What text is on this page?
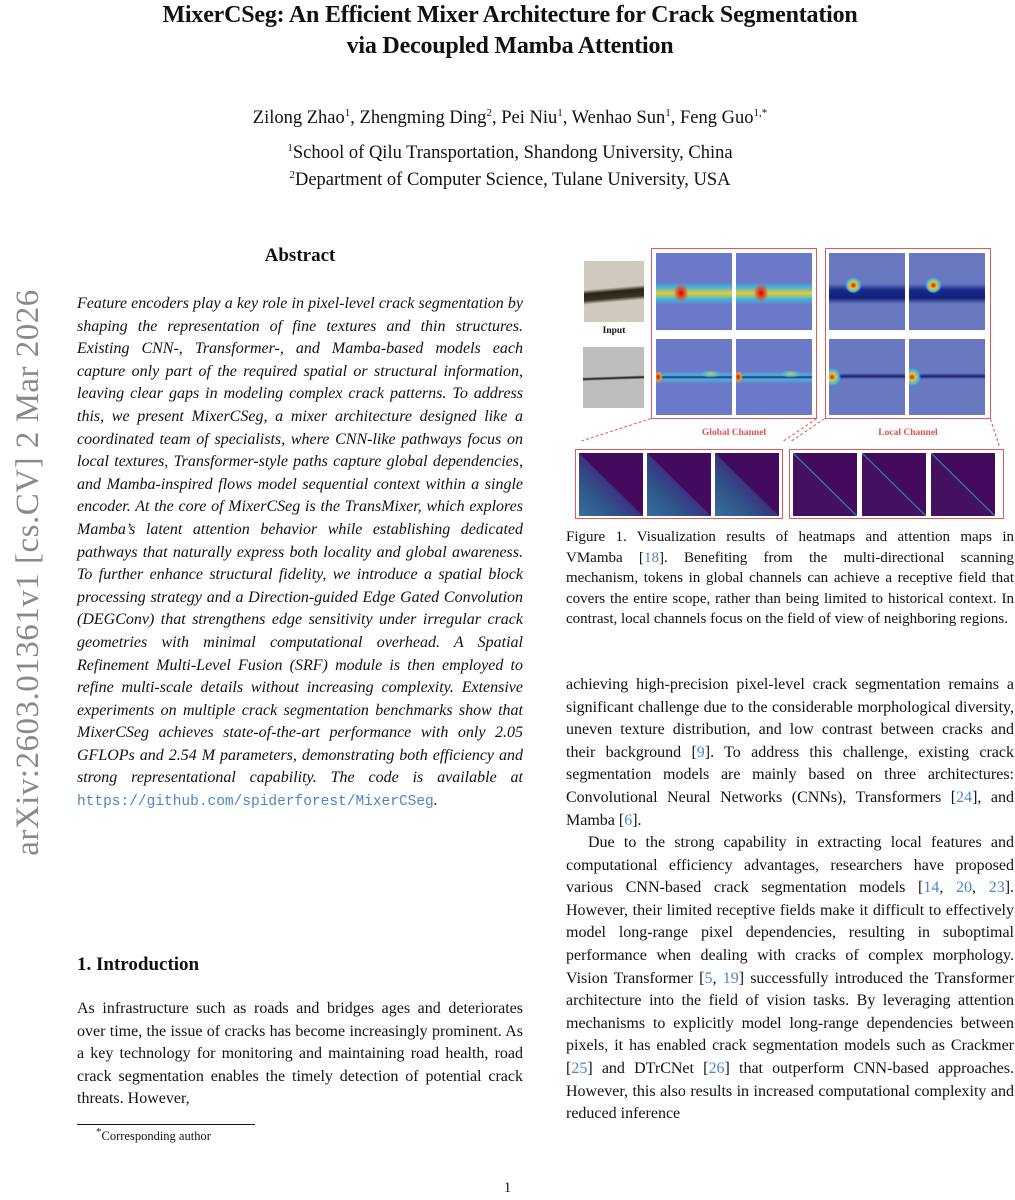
arXiv:2603.01361v1 [cs.CV] 2 Mar 2026
MixerCSeg: An Efficient Mixer Architecture for Crack Segmentation
via Decoupled Mamba Attention
Zilong Zhao$^1$, Zhengming Ding$^2$, Pei Niu$^1$, Wenhao Sun$^1$, Feng Guo$^{1,*}$
$^1$School of Qilu Transportation, Shandong University, China
$^2$Department of Computer Science, Tulane University, USA
Abstract
Feature encoders play a key role in pixel-level crack segmentation by shaping the representation of fine textures and thin structures. Existing CNN-, Transformer-, and Mamba-based models each capture only part of the required spatial or structural information, leaving clear gaps in modeling complex crack patterns. To address this, we present MixerCSeg, a mixer architecture designed like a coordinated team of specialists, where CNN-like pathways focus on local textures, Transformer-style paths capture global dependencies, and Mamba-inspired flows model sequential context within a single encoder. At the core of MixerCSeg is the TransMixer, which explores Mamba’s latent attention behavior while establishing dedicated pathways that naturally express both locality and global awareness. To further enhance structural fidelity, we introduce a spatial block processing strategy and a Direction-guided Edge Gated Convolution (DEGConv) that strengthens edge sensitivity under irregular crack geometries with minimal computational overhead. A Spatial Refinement Multi-Level Fusion (SRF) module is then employed to refine multi-scale details without increasing complexity. Extensive experiments on multiple crack segmentation benchmarks show that MixerCSeg achieves state-of-the-art performance with only 2.05 GFLOPs and 2.54 M parameters, demonstrating both efficiency and strong representational capability. The code is available at https://github.com/spiderforest/MixerCSeg.
1. Introduction
As infrastructure such as roads and bridges ages and deteriorates over time, the issue of cracks has become increasingly prominent. As a key technology for monitoring and maintaining road health, road crack segmentation enables the timely detection of potential crack threats. However,
*Corresponding author
Input
Global Channel	Local Channel
Figure 1. Visualization results of heatmaps and attention maps in VMamba [18]. Benefiting from the multi-directional scanning mechanism, tokens in global channels can achieve a receptive field that covers the entire scope, rather than being limited to historical context. In contrast, local channels focus on the field of view of neighboring regions.
achieving high-precision pixel-level crack segmentation remains a significant challenge due to the considerable morphological diversity, uneven texture distribution, and low contrast between cracks and their background [9]. To address this challenge, existing crack segmentation models are mainly based on three architectures: Convolutional Neural Networks (CNNs), Transformers [24], and Mamba [6].
Due to the strong capability in extracting local features and computational efficiency advantages, researchers have proposed various CNN-based crack segmentation models [14, 20, 23]. However, their limited receptive fields make it difficult to effectively model long-range pixel dependencies, resulting in suboptimal performance when dealing with cracks of complex morphology. Vision Transformer [5, 19] successfully introduced the Transformer architecture into the field of vision tasks. By leveraging attention mechanisms to explicitly model long-range dependencies between pixels, it has enabled crack segmentation models such as Crackmer [25] and DTrCNet [26] that outperform CNN-based approaches. However, this also results in increased computational complexity and reduced inference
1
